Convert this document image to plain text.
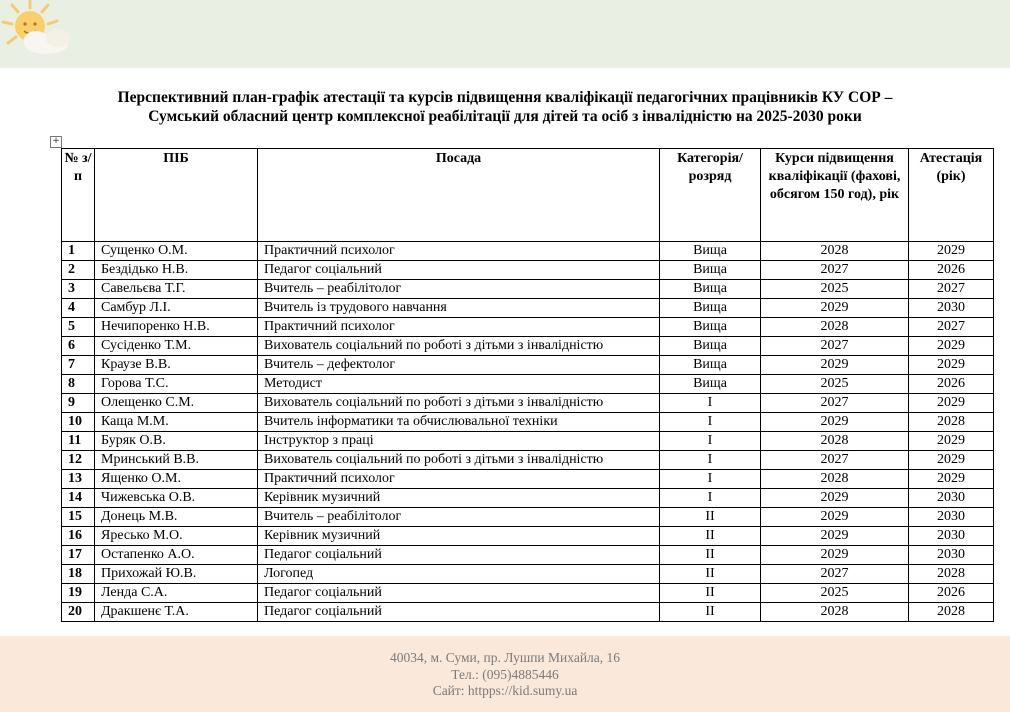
Перспективний план-графік атестації та курсів підвищення кваліфікації педагогічних працівників КУ СОР –
Сумський обласний центр комплексної реабілітації для дітей та осіб з інвалідністю на 2025-2030 роки
+
№ з/п	ПІБ	Посада	Категорія/ розряд	Курси підвищення кваліфікації (фахові, обсягом 150 год), рік	Атестація (рік)
1	Сущенко О.М.	Практичний психолог	Вища	2028	2029
2	Бездідько Н.В.	Педагог соціальний	Вища	2027	2026
3	Савельєва Т.Г.	Вчитель – реабілітолог	Вища	2025	2027
4	Самбур Л.І.	Вчитель із трудового навчання	Вища	2029	2030
5	Нечипоренко Н.В.	Практичний психолог	Вища	2028	2027
6	Сусіденко Т.М.	Вихователь соціальний по роботі з дітьми з інвалідністю	Вища	2027	2029
7	Краузе В.В.	Вчитель – дефектолог	Вища	2029	2029
8	Горова Т.С.	Методист	Вища	2025	2026
9	Олещенко С.М.	Вихователь соціальний по роботі з дітьми з інвалідністю	І	2027	2029
10	Каща М.М.	Вчитель інформатики та обчислювальної техніки	І	2029	2028
11	Буряк О.В.	Інструктор з праці	І	2028	2029
12	Мринський В.В.	Вихователь соціальний по роботі з дітьми з інвалідністю	І	2027	2029
13	Ященко О.М.	Практичний психолог	І	2028	2029
14	Чижевська О.В.	Керівник музичний	І	2029	2030
15	Донець М.В.	Вчитель – реабілітолог	ІІ	2029	2030
16	Яресько М.О.	Керівник музичний	ІІ	2029	2030
17	Остапенко А.О.	Педагог соціальний	ІІ	2029	2030
18	Прихожай Ю.В.	Логопед	ІІ	2027	2028
19	Ленда С.А.	Педагог соціальний	ІІ	2025	2026
20	Дракшенє Т.А.	Педагог соціальний	ІІ	2028	2028
40034, м. Суми, пр. Лушпи Михайла, 16
Тел.: (095)4885446
Сайт: httpps://kid.sumy.ua
